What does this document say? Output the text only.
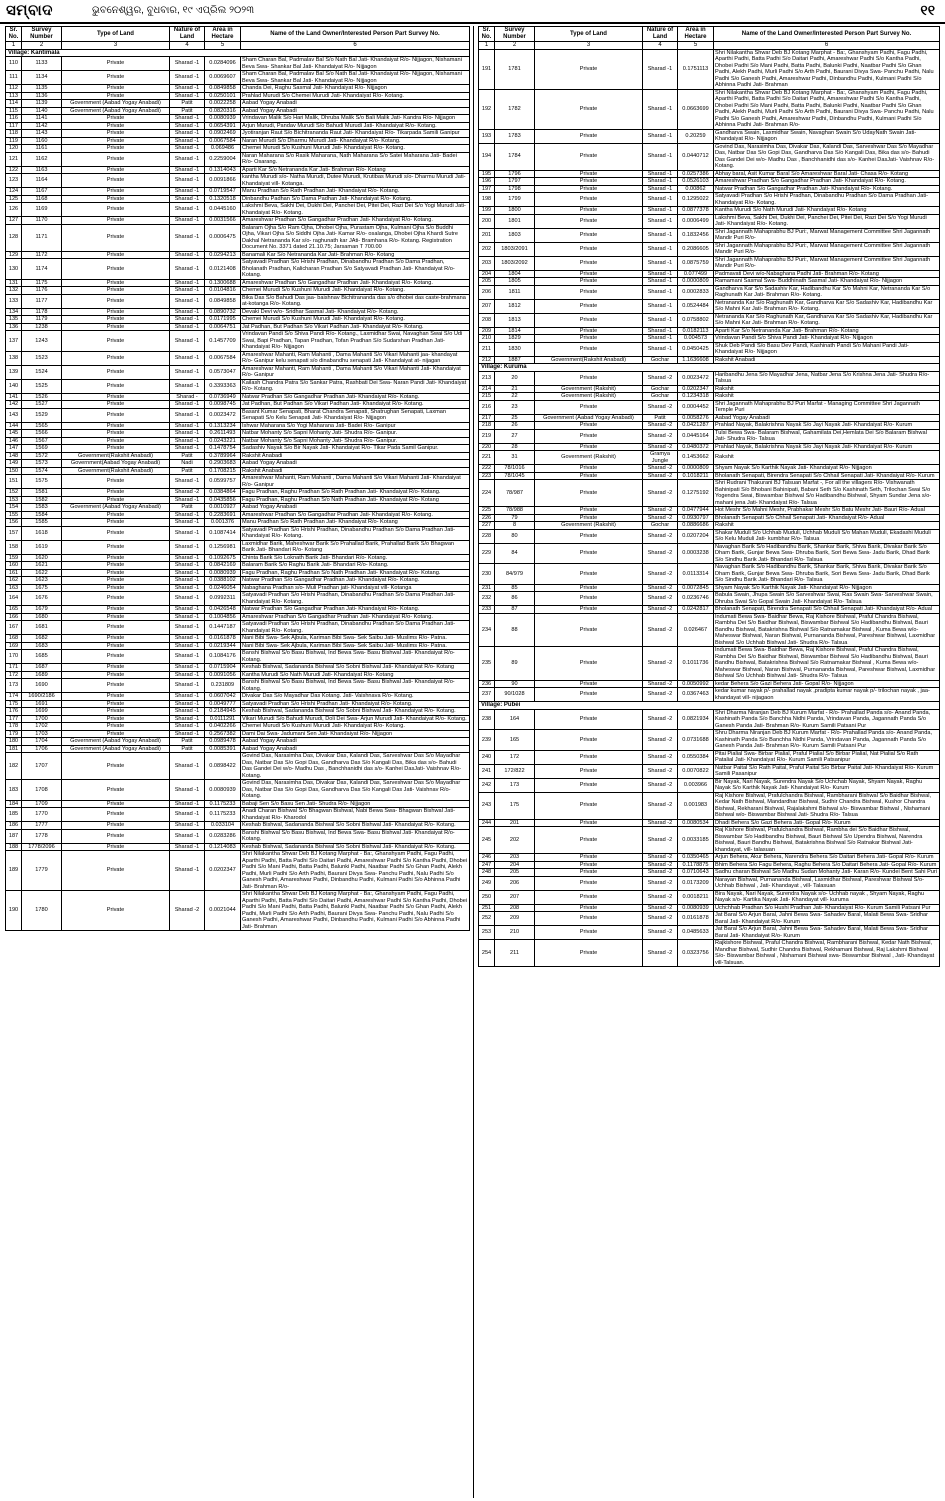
ସମ୍ବାଦ	ଭୁବନେଶ୍ୱର, ବୁଧବାର, ୧୯ ଏପ୍ରିଲ ୨୦୨୩	୧୧
Sr. No.	Survey Number	Type of Land	Nature of Land	Area in Hectare	Name of the Land Owner/Interested Person Part Survey No.
1	2	3	4	5	6
Village: Kantimala					
110	1133	Private	Sharad -1	0.0284096	Sham Charan Bal, Padmalav Bal S/o Nath Bal Jati- Khandaiyat R/o- Nijjagon, Nishamani Beva Swa- Shankar Bal Jati- Khandaiyat R/o- Nijjagon
111	1134	Private	Sharad -1	0.0069607	Sham Charan Bal, Padmalav Bal S/o Nath Bal Jati- Khandaiyat R/o- Nijjagon, Nishamani Beva Swa- Shankar Bal Jati- Khandaiyat R/o- Nijjagon
112	1135	Private	Sharad -1	0.0849858	Chanda Dei, Raghu Sasmal Jati- Khandaiyat R/o- Nijjagon
113	1136	Private	Sharad -1	0.0250101	Prahlad Murudi S/o Chemei Murudi Jati- Khandaiyat R/o- Kotang.
114	1139	Government (Aabad Yogay Anabadi)	Patit	0.0022258	Aabad Yogay Anabadi
115	1140	Government (Aabad Yogay Anabadi)	Patit	0.0820316	Aabad Yogay Anabadi
116	1141	Private	Sharad -1	0.0080939	Vrindavan Malik S/o Hari Malik, Dhruba Malik S/o Bali Malik Jati- Kandra R/o- Nijjagon
117	1142	Private	Sharad -1	0.0654391	Arjun Murudi, Pandav Murudi S/o Bahudi Murudi Jati- Khandaiyat R/o- Kotang.
118	1143	Private	Sharad -1	0.0902469	Jyotiranjan Raut S/o Bichitrananda Raut Jati- Khandaiyat R/o- Tikarpada Samili Ganipur
119	1160	Private	Sharad -1	0.0067584	Naran Murudi S/o Dharmu Murudi Jati- Khandaiyat R/o- Kotang.
120	1161	Private	Sharad -1	0.069486	Chemei Murudi S/o Kushuni Murudi Jati- Khandaiyat R/o- Kotang.
121	1162	Private	Sharad -1	0.2259004	Naran Maharana S/o Rasik Maharana, Nath Maharana S/o Satei Maharana Jati- Badei R/o- Osarang.
122	1163	Private	Sharad -1	0.1314043	Aparti Kar S/o Netrananda Kar Jati- Brahman R/o- Kotang
123	1164	Private	Sharad -1	0.0091866	kantha Murudi s/o- Natha Murudi, Dutee Murudi, Krutibas Murudi s/o- Dharmu Murudi Jati- Khandaiyat vill- Kotanga.
124	1167	Private	Sharad -1	0.0719547	Manu Pradhan S/o Rath Pradhan Jati- Khandaiyat R/o- Kotang.
125	1168	Private	Sharad -1	0.1320518	Dinbandhu Padhan S/o Dama Padhan Jati- Khandaiyat R/o- Kotang.
126	1169	Private	Sharad -1	0.0445160	Lakshmi Beva, Sakhi Dei, Dukhi Dei, Panchei Dei, Pitei Dei, Razi Dei S/o Yogi Murudi Jati- Khandaiyat R/o- Kotang.
127	1170	Private	Sharad -1	0.0031566	Amareshwar Pradhan S/o Gangadhar Pradhan Jati- Khandaiyat R/o- Kotang.
128	1171	Private	Sharad -1	0.0006475	Balaram Ojha S/o Ram Ojha, Dhobei Ojha, Purastam Ojha, Kulmani Ojha S/o Buddhi Ojha, Vikari Ojha S/o Siddhi Ojha Jati- Kamar R/o- osalanga, Dhobei Ojha Khardi Sutre Dakhal Netrananda Kar s/o- raghunath kar JAti- Bramhana R/o- Kotang. Registration Document No. 3371 dated 21.10.75; Jarsaman T 700.00
129	1172	Private	Sharad -1	0.0294213	Banamali Kar S/o Netrananda Kar Jati- Brahman R/o- Kotang
130	1174	Private	Sharad -1	0.0121408	Satyavadi Pradhan S/o Hrishi Pradhan, Dinabandhu Pradhan S/o Dama Pradhan, Bholanath Pradhan, Kalicharan Pradhan S/o Satyavadi Pradhan Jati- Khandaiyat R/o- Kotang.
131	1175	Private	Sharad -1	0.1300688	Amareshwar Pradhan S/o Gangadhar Pradhan Jati- Khandaiyat R/o- Kotang.
132	1176	Private	Sharad -1	0.0104816	Chemei Murudi S/o Kushuni Murudi Jati- Khandaiyat R/o- Kotang.
133	1177	Private	Sharad -1	0.0849858	Bika Das S/o Bahudi Das jaa- baishnav Bichitrananda das s/o dhobei das caste-brahmana at-kotanga R/o- Kotang.
134	1178	Private	Sharad -1	0.0890732	Devaki Devi w/o- Sridhar Sasmal Jati- Khandaiyat R/o- Kotang.
135	1179	Private	Sharad -1	0.0171995	Chemei Murudi S/o Kushuni Murudi Jati- Khandaiyat R/o- Kotang.
136	1238	Private	Sharad -1	0.0064751	Jat Padhan, But Padhan S/o Vikari Padhan Jati- Khandaiyat R/o- Kotang.
137	1243	Private	Sharad -1	0.1457709	Vrindavan Pandi S/o Shiva Pandi R/o- Kotang., Laxmidhar Swai, Navaghan Swai S/o Udi Swai, Bapi Pradhan, Tapan Pradhan, Tofan Pradhan S/o Sudarshan Pradhan Jati- Khandaiyat R/o- Nijjagon
138	1523	Private	Sharad -1	0.0067584	Amareshwar Mahanti, Ram Mahanti , Dama Mahanti S/o Vikari Mahanti jaa- khandayat R/o- Ganipur kelu senapati s/o dinabandhu senapati Jati- Khandaiyat at- nijagan
139	1524	Private	Sharad -1	0.0573047	Amareshwar Mahanti, Ram Mahanti , Dama Mahanti S/o Vikari Mahanti Jati- Khandaiyat R/o- Ganipur
140	1525	Private	Sharad -1	0.3393363	Kailash Chandra Patra S/o Sankar Patra, Rashbati Dei Swa- Naran Pandi Jati- Khandaiyat R/o- Kotang.
141	1526	Private	Sharad -	0.0736949	Natwar Pradhan S/o Gangadhar Pradhan Jati- Khandaiyat R/o- Kotang.
142	1527	Private	Sharad -1	0.0098745	Jat Padhan, But Padhan S/o Vikari Padhan Jati- Khandaiyat R/o- Kotang.
143	1529	Private	Sharad -1	0.0023472	Basant Kumar Senapati, Bharat Chandra Senapati, Shatrughan Senapati, Laxman Senapati S/o Kelu Senapati Jati- Khandaiyat R/o- Nijjagon
144	1565	Private	Sharad -1	0.1313234	Ishwar Maharana S/o Yogi Maharana Jati- Badei R/o- Ganipur
145	1566	Private	Sharad -1	0.2611493	Natbar Mohanty S/o Sapni Mohanty Jati- Shudra R/o- Ganipur.
146	1567	Private	Sharad -1	0.0243221	Natbar Mohanty S/o Sapni Mohanty Jati- Shudra R/o- Ganipur.
147	1569	Private	Sharad -1	0.1478754	Sadashiv Nayak S/o Bir Nayak Jati- Khandaiyat R/o- Tikar Pada Samil Ganipur.
148	1572	Government(Rakshit Anabadi)	Patit	0.3789964	Rakshit Anabadi
149	1573	Government(Aabad Yogay Anabadi)	Nadi	0.2903683	Aabad Yogay Anabadi
150	1574	Government(Rakshit Anabadi)	Patit	0.1708215	Rakshit Anabadi
151	1575	Private	Sharad -1	0.0599757	Amareshwar Mahanti, Ram Mahanti , Dama Mahanti S/o Vikari Mahanti Jati- Khandaiyat R/o- Ganipur
152	1581	Private	Sharad -2	0.0384864	Fagu Pradhan, Raghu Pradhan S/o Rath Pradhan Jati- Khandaiyat R/o- Kotang.
153	1582	Private	Sharad -1	0.0435856	Fagu Pradhan, Raghu Pradhan S/o Nath Pradhan Jati- Khandaiyat R/o- Kotang
154	1583	Government (Aabad Yogay Anabadi)	Patit	0.0010927	Aabad Yogay Anabadi
155	1584	Private	Sharad -1	0.2283691	Amareshwar Pradhan S/o Gangadhar Pradhan Jati- Khandaiyat R/o- Kotang.
156	1585	Private	Sharad -1	0.001376	Manu Pradhan S/o Rath Pradhan Jati- Khandaiyat R/o- Kotang
157	1618	Private	Sharad -1	0.1087414	Satyavadi Pradhan S/o Hrishi Pradhan, Dinabandhu Pradhan S/o Dama Pradhan Jati- Khandaiyat R/o- Kotang.
158	1619	Private	Sharad -1	0.1256981	Laxmidhar Barik, Maheshwar Barik S/o Prahallad Barik, Prahallad Barik S/o Bhagwan Barik Jati- Bhandari R/o- Kotang
159	1620	Private	Sharad -1	0.1092675	Chinta Barik S/o Loknath Barik Jati- Bhandari R/o- Kotang.
160	1621	Private	Sharad -1	0.0842169	Balaram Barik S/o Raghu Barik Jati- Bhandari R/o- Kotang.
161	1622	Private	Sharad -1	0.0080939	Fagu Pradhan, Raghu Pradhan S/o Nath Pradhan Jati- Khandaiyat R/o- Kotang.
162	1623	Private	Sharad -1	0.0388102	Natwar Pradhan S/o Gangadhar Pradhan Jati- Khandaiyat R/o- Kotang.
163	1675	Private	Sharad -1	0.0246054	Nabaghana Pradhan s/o- Muli Pradhan jati- Khandaiyat vill- Kotanga
164	1676	Private	Sharad -1	0.0992311	Satyavadi Pradhan S/o Hrishi Pradhan, Dinabandhu Pradhan S/o Dama Pradhan Jati- Khandaiyat R/o- Kotang.
165	1679	Private	Sharad -1	0.0426548	Natwar Pradhan S/o Gangadhar Pradhan Jati- Khandaiyat R/o- Kotang.
166	1680	Private	Sharad -1	0.1004856	Amareshwar Pradhan S/o Gangadhar Pradhan Jati- Khandaiyat R/o- Kotang.
167	1681	Private	Sharad -1	0.1447187	Satyavadi Pradhan S/o Hrishi Pradhan, Dinabandhu Pradhan S/o Dama Pradhan Jati- Khandaiyat R/o- Kotang.
168	1682	Private	Sharad -1	0.0161878	Nani Bibi Swa- Sek Ajbula, Kariman Bibi Swa- Sek Saibu Jati- Muslims R/o- Patna.
169	1683	Private	Sharad -1	0.0219344	Nani Bibi Swa- Sek Ajbula, Kariman Bibi Swa- Sek Saibu Jati- Muslims R/o- Patna.
170	1685	Private	Sharad -1	0.1084176	Banshi Bishwal S/o Basu Bishwal, Ind Bewa Swa- Basu Bishwal Jati- Khandaiyat R/o- Kotang.
171	1687	Private	Sharad -1	0.0715904	Keshab Bishwal, Sadananda Bishwal S/o Sobni Bishwal Jati- Khandaiyat R/o- Kotang
172	1689	Private	Sharad -1	0.0091056	Kantha Murudi S/o Nath Murudi Jati- Khandaiyat R/o- Kotang
173	1690	Private	Sharad -1	0.231809	Banshi Bishwal S/o Basu Bishwal, Ind Bewa Swa- Basu Bishwal Jati- Khandaiyat R/o- Kotang.
174	1690/2186	Private	Sharad -1	0.0607042	Divakar Das S/o Mayadhar Das Kotang. Jati- Vaishnava R/o- Kotang.
175	1691	Private	Sharad -1	0.0049777	Satyavadi Pradhan S/o Hrishi Pradhan Jati- Khandaiyat R/o- Kotang.
176	1699	Private	Sharad -1	0.2184945	Keshab Bishwal, Sadananda Bishwal S/o Sobni Bishwal Jati- Khandaiyat R/o- Kotang.
177	1700	Private	Sharad -1	0.0111291	Vikari Murudi S/o Bahudi Murudi, Doli Dei Swa- Arjun Murudi Jati- Khandaiyat R/o- Kotang.
178	1702	Private	Sharad -1	0.0402266	Chemei Murudi S/o Kushuni Murudi Jati- Khandaiyat R/o- Kotang.
179	1703	Private	Sharad -1	0.2567382	Dami Dai Swa- Jadumani Sen Jati- Khandaiyat R/o- Nijjagon
180	1704	Government (Aabad Yogay Anabadi)	Patit	0.0989478	Aabad Yogay Anabadi
181	1706	Government (Aabad Yogay Anabadi)	Patit	0.0085391	Aabad Yogay Anabadi
182	1707	Private	Sharad -1	0.0898422	Govind Das, Narasimha Das, Divakar Das, Kalandi Das, Sarveshwar Das S/o Mayadhar Das, Natbar Das S/o Gopi Das, Gandharva Das S/o Kangali Das, Bika das s/o- Bahudi Das Gandei Dei w/o- Madhu Das , Banchhanidhi das s/o- Kanhei DasJati- Vaishnav R/o- Kotang.
183	1708	Private	Sharad -1	0.0080939	Govind Das, Narasimha Das, Divakar Das, Kalandi Das, Sarveshwar Das S/o Mayadhar Das, Natbar Das S/o Gopi Das, Gandharva Das S/o Kangali Das Jati- Vaishnav R/o- Kotang.
184	1709	Private	Sharad -1	0.1175233	Babaji Sen S/o Basu Sen Jati- Shudra R/o- Nijjagon
185	1770	Private	Sharad -1	0.1175233	Anadi Charan Bishwal S/o Bhagwan Bishwal, Nabi Bewa Swa- Bhagwan Bishwal Jati- Khandaiyat R/o- Kharodol
186	1777	Private	Sharad -1	0.033104	Keshab Bishwal, Sadananda Bishwal S/o Sobni Bishwal Jati- Khandaiyat R/o- Kotang.
187	1778	Private	Sharad -1	0.0283286	Banshi Bishwal S/o Basu Bishwal, Ind Bewa Swa- Basu Bishwal Jati- Khandaiyat R/o- Kotang.
188	1778/2096	Private	Sharad -1	0.1214083	Keshab Bishwal, Sadananda Bishwal S/o Sobni Bishwal Jati- Khandaiyat R/o- Kotang.
189	1779	Private	Sharad -1	0.0202347	Shri Nilakantha Shwar Deb BJ Kotang Marphat - Ba:, Ghanshyam Padhi, Fagu Padhi, Aparthi Padhi, Batta Padhi S/o Daitari Padhi, Amareshwar Padhi S/o Kantha Padhi, Dhobei Padhi S/o Mani Padhi, Batta Padhi, Balunki Padhi, Naatbar Padhi S/o Ghan Padhi, Alekh Padhi, Murli Padhi S/o Arth Padhi, Baurani Divya Swa- Panchu Padhi, Nalu Padhi S/o Ganesh Padhi, Amareshwar Padhi, Dinbandhu Padhi, Kulmani Padhi S/o Abhinna Padhi Jati- Brahman R/o-
190	1780	Private	Sharad -2	0.0021044	Shri Nilakantha Shwar Deb BJ Kotang Marphat - Ba:, Ghanshyam Padhi, Fagu Padhi, Aparthi Padhi, Batta Padhi S/o Daitari Padhi, Amareshwar Padhi S/o Kantha Padhi, Dhobei Padhi S/o Mani Padhi, Batta Padhi, Balunki Padhi, Naatbar Padhi S/o Ghan Padhi, Alekh Padhi, Murli Padhi S/o Arth Padhi, Baurani Divya Swa- Panchu Padhi, Nalu Padhi S/o Ganesh Padhi, Amareshwar Padhi, Dinbandhu Padhi, Kulmani Padhi S/o Abhinna Padhi Jati- Brahman
Sr. No.	Survey Number	Type of Land	Nature of Land	Area in Hectare	Name of the Land Owner/Interested Person Part Survey No.
1	2	3	4	5	6
191	1781	Private	Sharad -1	0.1751113	Shri Nilakantha Shwar Deb BJ Kotang Marphat - Ba:, Ghanshyam Padhi, Fagu Padhi, Aparthi Padhi, Batta Padhi S/o Daitari Padhi, Amareshwar Padhi S/o Kantha Padhi, Dhobei Padhi S/o Mani Padhi, Batta Padhi, Balunki Padhi, Naatbar Padhi S/o Ghan Padhi, Alekh Padhi, Murli Padhi S/o Arth Padhi, Baurani Divya Swa- Panchu Padhi, Nalu Padhi S/o Ganesh Padhi, Amareshwar Padhi, Dinbandhu Padhi, Kulmani Padhi S/o Abhinna Padhi Jati- Brahman
192	1782	Private	Sharad -1	0.0663699	Shri Nilakantha Shwar Deb BJ Kotang Marphat - Ba:, Ghanshyam Padhi, Fagu Padhi, Aparthi Padhi, Batta Padhi S/o Daitari Padhi, Amareshwar Padhi S/o Kantha Padhi, Dhobei Padhi S/o Mani Padhi, Batta Padhi, Balunki Padhi, Naatbar Padhi S/o Ghan Padhi, Alekh Padhi, Murli Padhi S/o Arth Padhi, Baurani Divya Swa- Panchu Padhi, Nalu Padhi S/o Ganesh Padhi, Amareshwar Padhi, Dinbandhu Padhi, Kulmani Padhi S/o Abhinna Padhi Jati- Brahman R/o-
193	1783	Private	Sharad -1	0.20259	Gandharva Swain, Laxmidhar Swain, Navaghan Swain S/o UdayNath Swain Jati- Khandaiyat R/o- Nijjagon
194	1784	Private	Sharad -1	0.0440712	Govind Das, Narasimha Das, Divakar Das, Kalandi Das, Sarveshwar Das S/o Mayadhar Das, Natbar Das S/o Gopi Das, Gandharva Das S/o Kangali Das, Bika das s/o- Bahudi Das Gandei Dei w/o- Madhu Das , Banchhanidhi das s/o- Kanhei DasJati- Vaishnav R/o- Kotang.
195	1796	Private	Sharad -1	0.0257386	Abhay baral, Asit Kumar Baral S/o Amareshwar Baral Jati- Chasa R/o- Kotang
196	1797	Private	Sharad -1	0.0526103	Amareshwar Pradhan S/o Gangadhar Pradhan Jati- Khandaiyat R/o- Kotang.
197	1798	Private	Sharad -1	0.00862	Natwar Pradhan S/o Gangadhar Pradhan Jati- Khandaiyat R/o- Kotang.
198	1799	Private	Sharad -1	0.1295022	Satyavadi Pradhan S/o Hrishi Pradhan, Dinabandhu Pradhan S/o Dama Pradhan Jati- Khandaiyat R/o- Kotang.
199	1800	Private	Sharad -1	0.0877378	Kantha Murudi S/o Nath Murudi Jati- Khandaiyat R/o- Kotang
200	1801	Private	Sharad -1	0.0006499	Lakshmi Beva, Sakhi Dei, Dukhi Dei, Panchei Dei, Pitei Dei, Razi Dei S/o Yogi Murudi Jati- Khandaiyat R/o- Kotang.
201	1803	Private	Sharad -1	0.1832456	Shri Jagannath Mahaprabhu BJ Puri:, Marwat Management Committee Shri Jagannath Mandir Puri R/o-
202	1803/2091	Private	Sharad -1	0.2086605	Shri Jagannath Mahaprabhu BJ Puri:, Marwat Management Committee Shri Jagannath Mandir Puri R/o-
203	1803/2092	Private	Sharad -1	0.0875759	Shri Jagannath Mahaprabhu BJ Puri:, Marwat Management Committee Shri Jagannath Mandir Puri R/o-
204	1804	Private	Sharad -1	0.077499	Padmavati Devi w/o-Nabaghana Padhi Jati- Brahman R/o- Kotang
205	1805	Private	Sharad -1	0.0000809	Ramamani Sasmal Swa- Buddhinath Sasmal Jati- Khandaiyat R/o- Nijjagon
206	1811	Private	Sharad -1	0.0002833	Gandharva Kar S/o Sadashiv Kar, Hadibandhu Kar S/o Mahni Kar, Netrananda Kar S/o Raghunath Kar Jati- Brahman R/o- Kotang.
207	1812	Private	Sharad -1	0.0524484	Netrananda Kar S/o Raghunath Kar, Gandharva Kar S/o Sadashiv Kar, Hadibandhu Kar S/o Mahni Kar Jati- Brahman R/o- Kotang.
208	1813	Private	Sharad -1	0.0758802	Netrananda Kar S/o Raghunath Kar, Gandharva Kar S/o Sadashiv Kar, Hadibandhu Kar S/o Mahni Kar Jati- Brahman R/o- Kotang.
209	1814	Private	Sharad -1	0.0182113	Aparti Kar S/o Netrananda Kar Jati- Brahman R/o- Kotang
210	1829	Private	Sharad -1	0.004573	Vrindavan Pandi S/o Shiva Pandi Jati- Khandaiyat R/o- Nijjagon
211	1830	Private	Sharad -1	0.0450425	Shuk Deb Pandi S/o Basu Dev Pandi, Kashinath Pandi S/o Mahani Pandi Jati- Khandaiyat R/o- Nijjagon
212	1887	Government(Rakshit Anabadi)	Gochar	1.1636608	Rakshit Anabadi
Village: Kuruma					
213	20	Private	Sharad -2	0.0023472	Haribandhu Jena S/o Mayadhar Jena, Natbar Jena S/o Krishna Jena Jati- Shudra R/o- Talsua
214	21	Government (Rakshit)	Gochar	0.0202347	Rakshit
215	22	Government (Rakshit)	Gochar	0.1234318	Rakshit
216	23	Private	Sharad -2	0.0004452	Shri Jagannath Mahaprabhu BJ Puri Marfat - Managing Committee Shri Jagannath Temple Puri
217	25	Government (Aabad Yogay Anabadi)	Patit	0.0058276	Aabad Yogay Anabadi
218	26	Private	Sharad -2	0.0421287	Prahlad Nayak, Balakrishna Nayak S/o Jayi Nayak Jati- Khandaiyat R/o- Kurum
219	27	Private	Sharad -2	0.0445164	Tulsi Bewa Swa- Balaram Bishwal, Gahamilata Dei,Hemlata Dei S/o Balaram Bishwal Jati- Shudra R/o- Talsua
220	28	Private	Sharad -2	0.0480372	Prahlad Nayak, Balakrishna Nayak S/o Jayi Nayak Jati- Khandaiyat R/o- Kurum
221	31	Government (Rakshit)	Gramya Jungle	0.1453662	Rakshit
222	78/1016	Private	Sharad -2	0.0000809	Shyam Nayak S/o Karthik Nayak Jati- Khandaiyat R/o- Nijjagon
223	78/1045	Private	Sharad -2	0.1018211	Bholanath Senapati, Birendra Senapati S/o Chhail Senapati Jati- Khandaiyat R/o- Kurum
224	78/987	Private	Sharad -2	0.1275192	Shri Rudrani Thakurani BJ Talsuan Marfat -, For all the villagers R/o- Vishwanath Bahinipati S/o Bhobani Bahinipati, Babani Seth S/o Kashinath Seth, Trilochan Swai S/o Yogendra Swai, Biswambar Bishwal S/o Hadibandhu Bishwal, Shyam Sundar Jena s/o- mahani jena Jati- Khandaiyat R/o- Talsua
225	78/988	Private	Sharad -2	0.0477944	Hot Meshr S/o Mahni Meshr, Prabhakar Meshr S/o Batu Meshr Jati- Bauri R/o- Adual
226	79	Private	Sharad -2	0.0930797	Bholanath Senapati S/o Chhail Senapati Jati- Khandaiyat R/o- Adual
227	8	Government (Rakshit)	Gochar	0.0886686	Rakshit
228	80	Private	Sharad -2	0.0207204	Shakar Muduli S/o Uchhab Muduli, Uchhab Muduli S/o Mahan Muduli, Ekadashi Muduli S/o Kelu Muduli Jati- kumbhar R/o- Talsua
229	84	Private	Sharad -2	0.0003238	Navaghan Barik S/o Hadibandhu Barik, Shankar Barik, Shiva Barik, Divakar Barik S/o Dham Barik, Gunjar Bewa Swa- Dhruba Barik, Sori Bewa Swa- Jadu Barik, Dhad Barik S/o Sindhu Barik Jati- Bhandari R/o- Talsua
230	84/979	Private	Sharad -2	0.0113314	Navaghan Barik S/o Hadibandhu Barik, Shankar Barik, Shiva Barik, Divakar Barik S/o Dham Barik, Gunjar Bewa Swa- Dhruba Barik, Sori Bewa Swa- Jadu Barik, Dhad Barik S/o Sindhu Barik Jati- Bhandari R/o- Talsua
231	85	Private	Sharad -2	0.0072845	Shyam Nayak S/o Karthik Nayak Jati- Khandaiyat R/o- Nijjagon
232	86	Private	Sharad -2	0.0236746	Babula Swain, Jhupa Swain S/o Sarveshwar Swai, Ras Swain Swa- Sarveshwar Swain, Dhruba Swai S/o Gopal Swain Jati- Khandaiyat R/o- Talsua
233	87	Private	Sharad -2	0.0242817	Bholanath Senapati, Birendra Senapati S/o Chhail Senapati Jati- Khandaiyat R/o- Adual
234	88	Private	Sharad -2	0.026467	Indumati Bewa Swa- Baidhar Bewa, Raj Kishore Bishwal, Praful Chandra Bishwal, Rambha Dei S/o Baidhar Bishwal, Biswambar Bishwal S/o Hadibandhu Bishwal, Bauri Bandhu Bishwal, Batakrishna Bishwal S/o Ratnamakar Bishwal , Kuma Bewa w/o- Maheswar Bishwal, Naran Bishwal, Purnananda Bishwal, Pareshwar Bishwal, Laxmidhar Bishwal S/o Uchhab Bishwal Jati- Shudra R/o- Talsua
235	89	Private	Sharad -2	0.1011736	Indumati Bewa Swa- Baidhar Bewa, Raj Kishore Bishwal, Praful Chandra Bishwal, Rambha Dei S/o Baidhar Bishwal, Biswambar Bishwal S/o Hadibandhu Bishwal, Bauri Bandhu Bishwal, Batakrishna Bishwal S/o Ratnamakar Bishwal , Kuma Bewa w/o- Maheswar Bishwal, Naran Bishwal, Purnananda Bishwal, Pareshwar Bishwal, Laxmidhar Bishwal S/o Uchhab Bishwal Jati- Shudra R/o- Talsua
236	90	Private	Sharad -2	0.0050992	kedar Behera S/o Gazi Behera Jati- Gopal R/o- Nijjagon
237	90/1028	Private	Sharad -2	0.0367463	kedar kumar nayak p/- prahallad nayak ,pradipta kumar nayak p/- trilochan nayak , jaa- khandayat vill- nijagaon
Village: Pubei					
238	164	Private	Sharad -2	0.0821934	Shri Dharma Niranjan Deb BJ Kurum Marfat - R/o- Prahallad Panda s/o- Anand Panda, Kashinath Panda S/o Banchha Nidhi Panda, Vrindavan Panda, Jagannath Panda S/o Ganesh Panda Jati- Brahman R/o- Kurum Samili Patsani Pur
239	165	Private	Sharad -2	0.0731688	Shru Dharma Niranjan Deb BJ Kurum Marfat - R/o- Prahallad Panda s/o- Anand Panda, Kashinath Panda S/o Banchha Nidhi Panda, Vrindavan Panda, Jagannath Panda S/o Ganesh Panda Jati- Brahman R/o- Kurum Samili Patsani Pur
240	172	Private	Sharad -2	0.0550384	Pitai Pialial Swa- Birbar Pialial, Praful Pialial S/o Birbar Pialial, Nat Pialial S/o Rath Patalial Jati- Khandaiyat R/o- Kurum Samili Patsanipur
241	172/822	Private	Sharad -2	0.0070822	Natbar Paital S/o Rath Paital, Praful Paital S/o Birbar Paital Jati- Khandaiyat R/o- Kurum Samili Pasanipur
242	173	Private	Sharad -2	0.003966	Bir Nayak, Nari Nayak, Surendra Nayak S/o Uchchab Nayak, Shyam Nayak, Raghu Nayak S/o Karthik Nayak Jati- Khandaiyat R/o- Kurum
243	175	Private	Sharad -2	0.001983	Raj Kishore Bishwal, Prafulchandra Bishwal, Rambharani Bishwal S/o Baidhar Bishwal, Kedar Nath Bishwal, Mandardhar Bishwal, Sudhir Chandra Bishwal, Kushor Chandra Bishwal, Rekharani Bishwal, Rajalakshmi Bishwal s/o- Biswambar Bishwal , Nishamani Bishwal w/o- Biswambar Bishwal Jati- Shudra R/o- Talsua
244	201	Private	Sharad -2	0.0080534	Dhadi Behera S/o Gazi Behera Jati- Gopal R/o- Kurum
245	202	Private	Sharad -2	0.0033185	Raj Kishore Bishwal, Prafulchandra Bishwal, Rambha dei S/o Baidhar Bishwal, Biswambar S/o Hadibandhu Bishwal, Bauri Bishwal S/o Upendra Bishwal, Narendra Bishwal, Bauri Bandhu Bishwal, Batakrishna Bishwal S/o Ratnakar Bishwal Jati- khandayat, vill- talasuan
246	203	Private	Sharad -2	0.0350465	Arjun Behera, Akur Behera, Narendra Behera S/o Daitari Behera Jati- Gopal R/o- Kurum
247	204	Private	Sharad -2	0.1178875	Bhim Behera S/o Fagu Behera, Raghu Behera S/o Daitari Behera Jati- Gopal R/o- Kurum
248	205	Private	Sharad -2	0.0710643	Sadhu charan Bishwal S/o Madhu Sudan Mohanty Jati- Karan R/o- Kundei Bent Sahi Puri
249	206	Private	Sharad -2	0.0173209	Narayan Bishwal, Purnananda Bishwal, Laxmidhar Bishwal, Pareshwar Bishwal S/o- Uchhab Bishwal , Jati- Khandayat , vill- Talasuan
250	207	Private	Sharad -2	0.0018211	Bira Nayak, Nari Nayak, Surendra Nayak s/o- Uchhab nayak , Shyam Nayak, Raghu Nayak s/o- Kartika Nayak Jati- Khandayat vill- kuruma
251	208	Private	Sharad -2	0.0080939	Uchchhab Pradhan S/o Hushi Pradhan Jati- Khandaiyat R/o- Kurum Samili Patsani Pur
252	209	Private	Sharad -2	0.0161878	Jat Baral S/o Arjun Baral, Jahni Bewa Swa- Sahadev Baral, Malati Bewa Swa- Sridhar Baral Jati- Khandaiyat R/o- Kurum
253	210	Private	Sharad -2	0.0485633	Jat Baral S/o Arjun Baral, Jahni Bewa Swa- Sahadev Baral, Malati Bewa Swa- Sridhar Baral Jati- Khandaiyat R/o- Kurum
254	211	Private	Sharad -2	0.0323756	Rajkishore Bishwal, Praful Chandra Bishwal, Rambharani Bishwal, Kedar Nath Bishwal, Mandhar Bishwal, Sudhir Chandra Bishwal, Rekhamani Bishwal, Raj Lakshmi Bishwal S/o- Biswambar Bishwal , Nishamani Bishwal swa- Biswambar Bishwal , Jati- Khandayat vill-Talsuan.
